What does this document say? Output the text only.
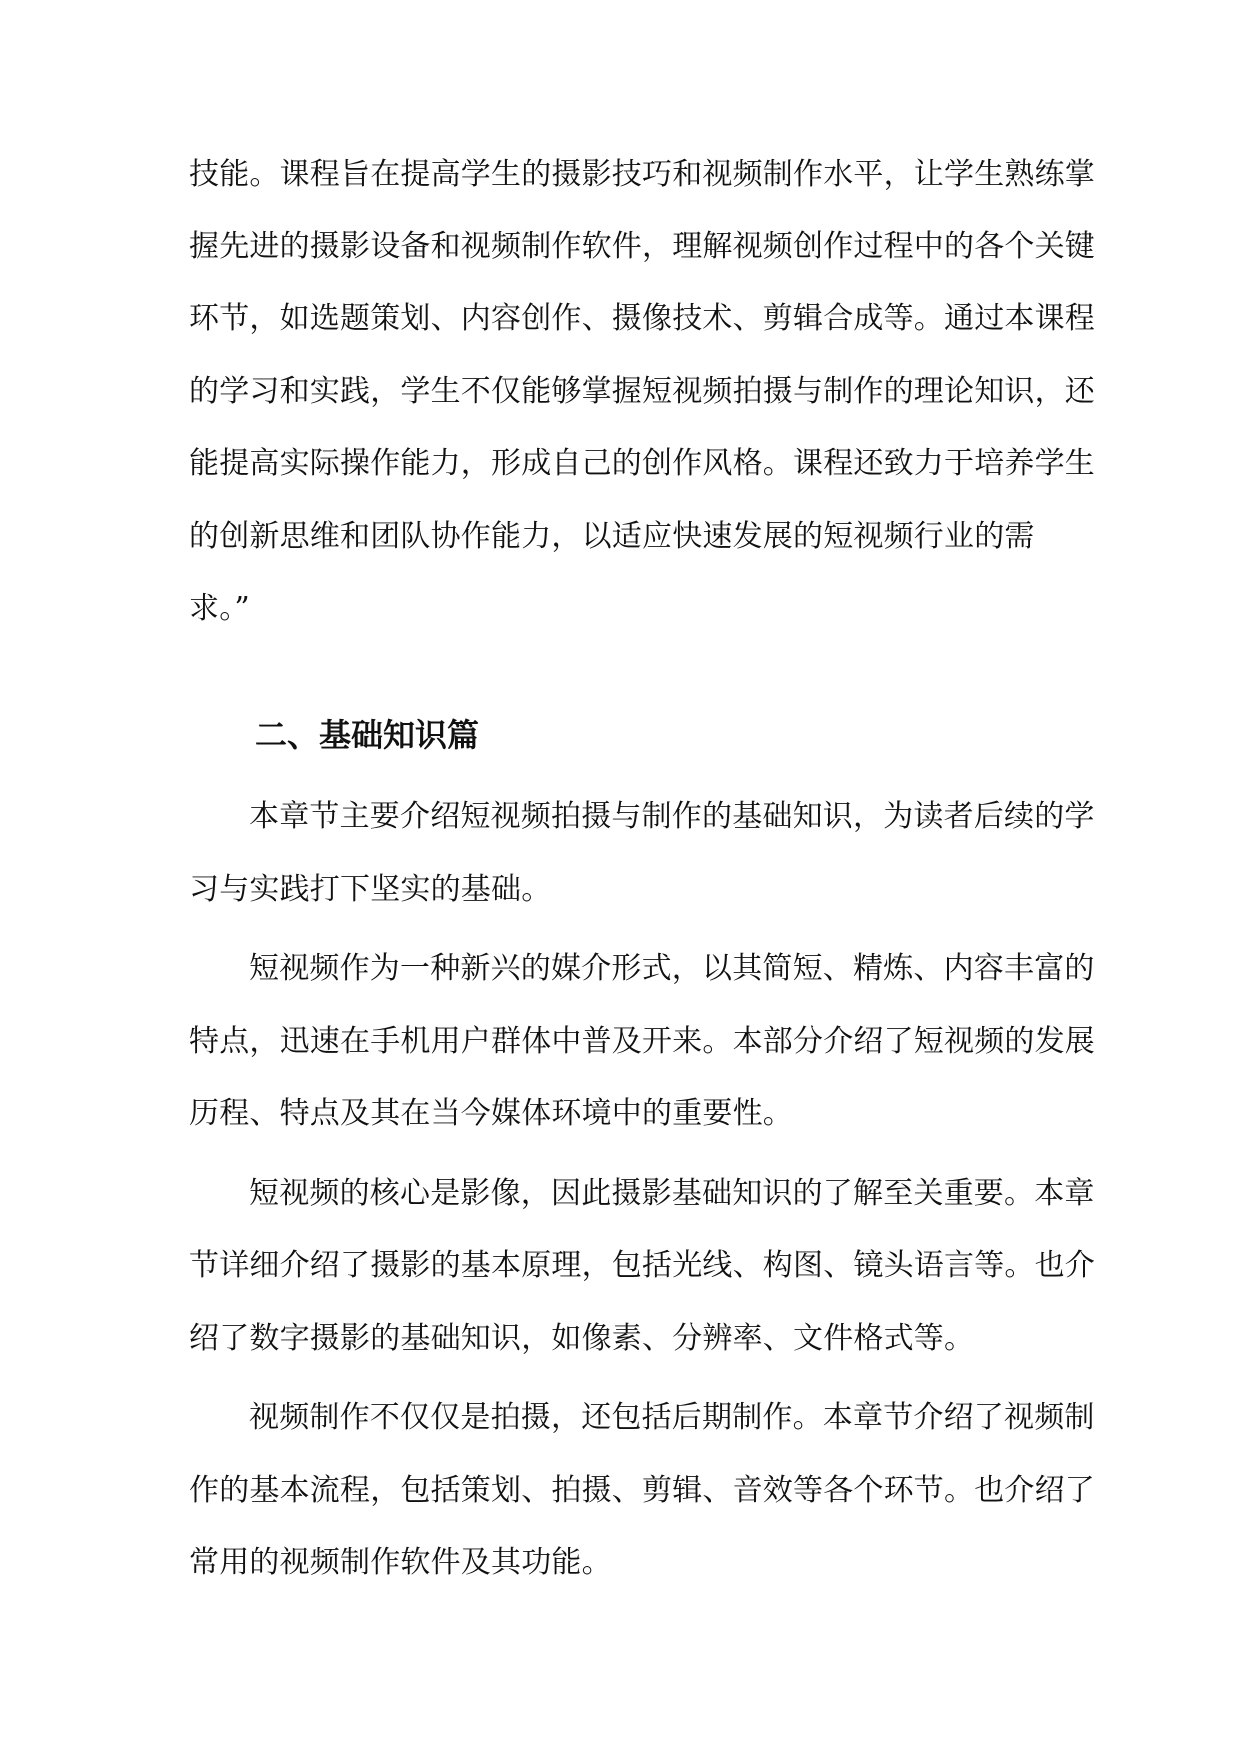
技能。课程旨在提高学生的摄影技巧和视频制作水平，让学生熟练掌
握先进的摄影设备和视频制作软件，理解视频创作过程中的各个关键
环节，如选题策划、内容创作、摄像技术、剪辑合成等。通过本课程
的学习和实践，学生不仅能够掌握短视频拍摄与制作的理论知识，还
能提高实际操作能力，形成自己的创作风格。课程还致力于培养学生
的创新思维和团队协作能力，以适应快速发展的短视频行业的需
求。”
二、基础知识篇
本章节主要介绍短视频拍摄与制作的基础知识，为读者后续的学
习与实践打下坚实的基础。
短视频作为一种新兴的媒介形式，以其简短、精炼、内容丰富的
特点，迅速在手机用户群体中普及开来。本部分介绍了短视频的发展
历程、特点及其在当今媒体环境中的重要性。
短视频的核心是影像，因此摄影基础知识的了解至关重要。本章
节详细介绍了摄影的基本原理，包括光线、构图、镜头语言等。也介
绍了数字摄影的基础知识，如像素、分辨率、文件格式等。
视频制作不仅仅是拍摄，还包括后期制作。本章节介绍了视频制
作的基本流程，包括策划、拍摄、剪辑、音效等各个环节。也介绍了
常用的视频制作软件及其功能。
